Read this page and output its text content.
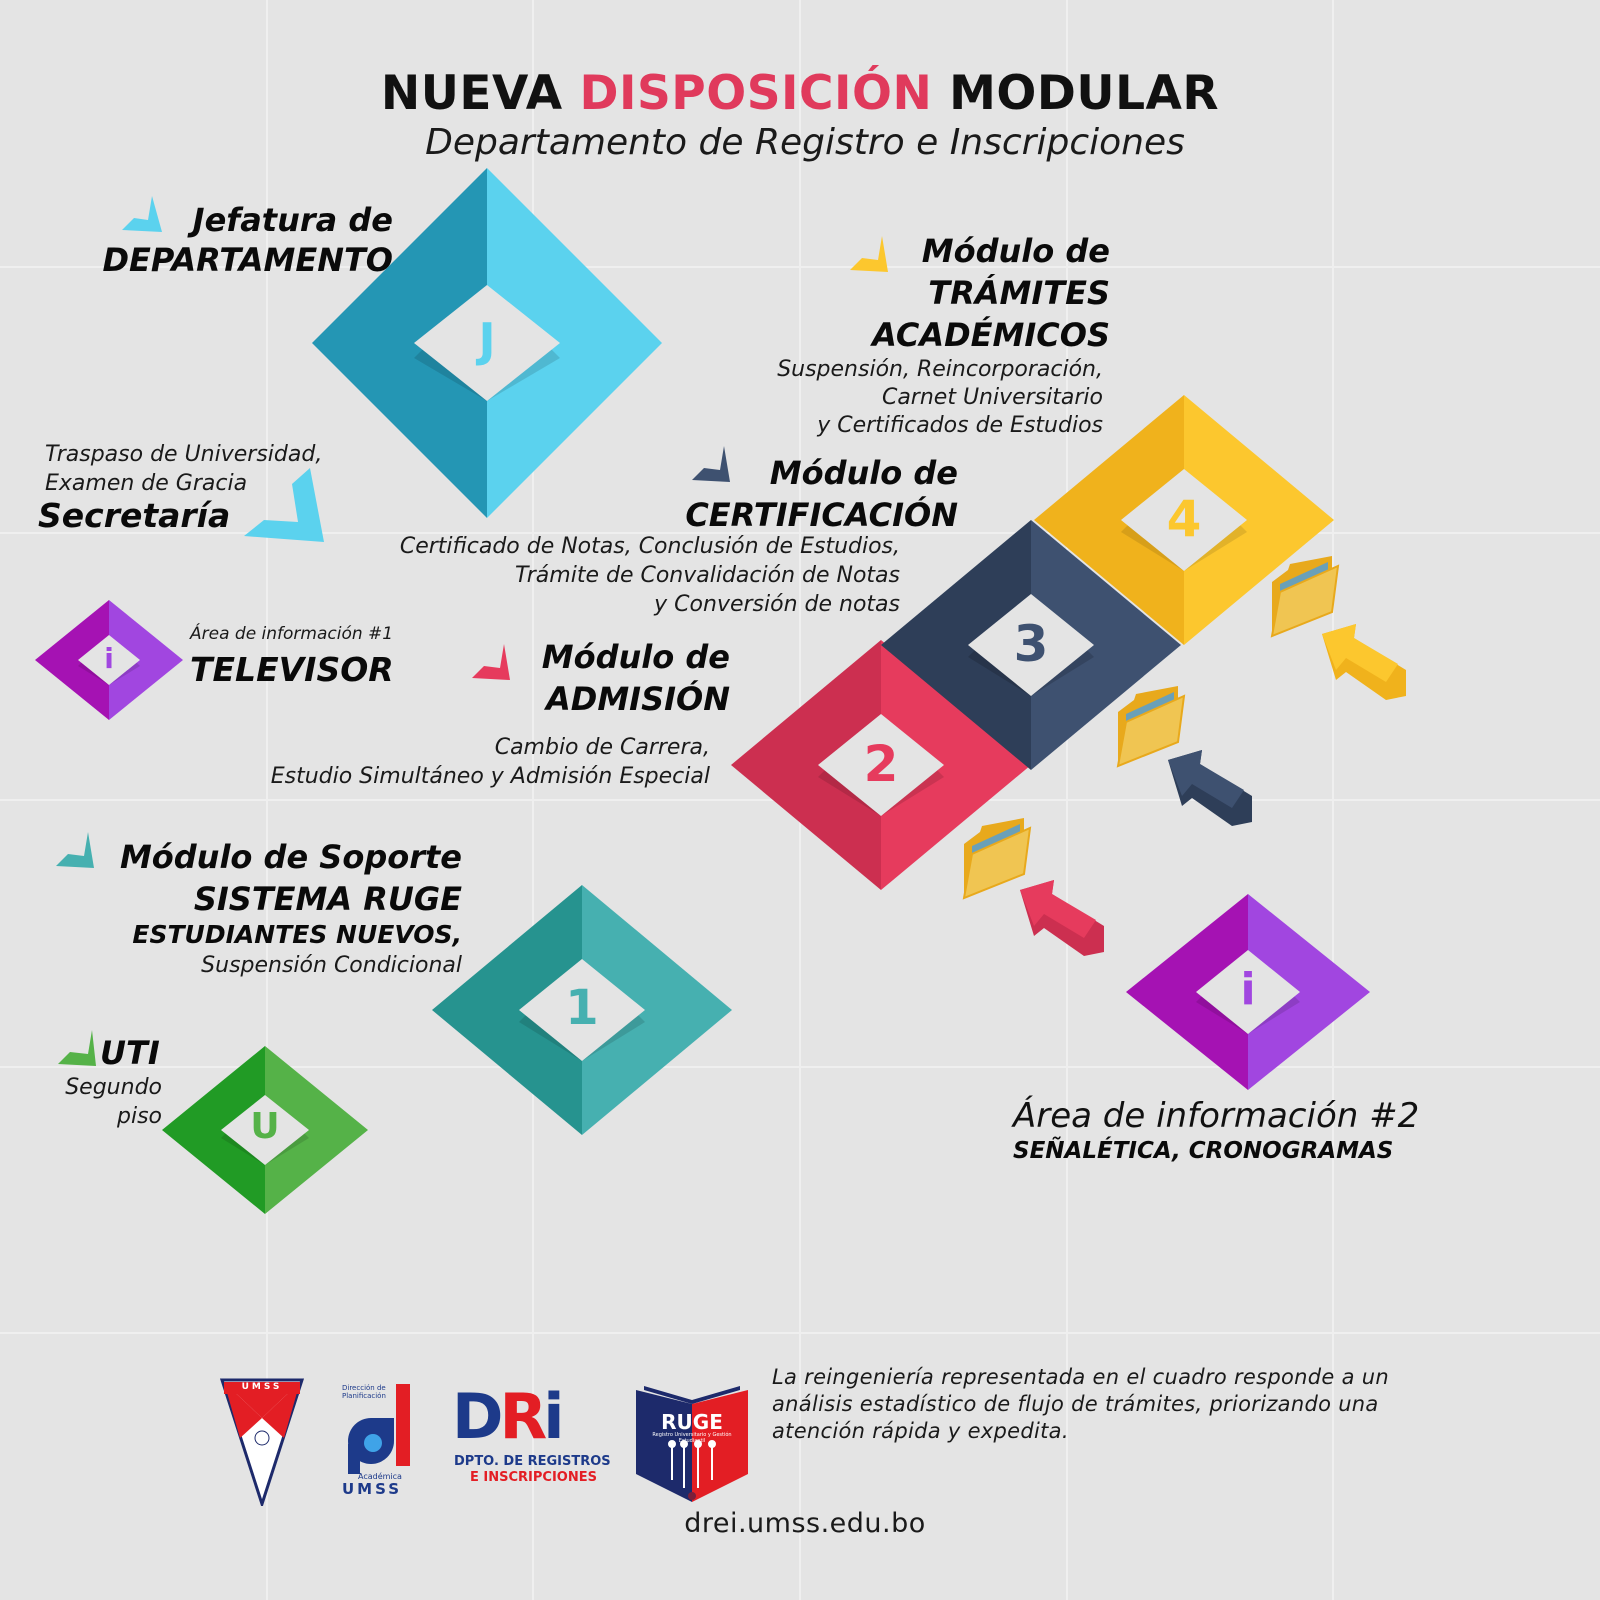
NUEVA DISPOSICIÓN MODULAR
Departamento de Registro e Inscripciones
J
1
2
3
4
i
i
U
Jefatura de
DEPARTAMENTO	Módulo de
TRÁMITES
ACADÉMICOS
Suspensión, Reincorporación,
Carnet Universitario
y Certificados de Estudios
Traspaso de Universidad,
Examen de Gracia
Secretaría
Módulo de
CERTIFICACIÓN
Certificado de Notas, Conclusión de Estudios,
Trámite de Convalidación de Notas
y Conversión de notas
Área de información #1
TELEVISOR	Módulo de
ADMISIÓN
Cambio de Carrera,
Estudio Simultáneo y Admisión Especial
Módulo de Soporte
SISTEMA RUGE
ESTUDIANTES NUEVOS,
Suspensión Condicional
UTI
Segundo
piso	Área de información #2
SEÑALÉTICA, CRONOGRAMAS
UMSS	Dirección de Planificación
Académica
UMSS
DRi
DPTO. DE REGISTROS
E INSCRIPCIONES
RUGE
Registro Universitario y Gestión Estudiantil
La reingeniería representada en el cuadro responde a un análisis estadístico de flujo de trámites, priorizando una atención rápida y expedita.
drei.umss.edu.bo
